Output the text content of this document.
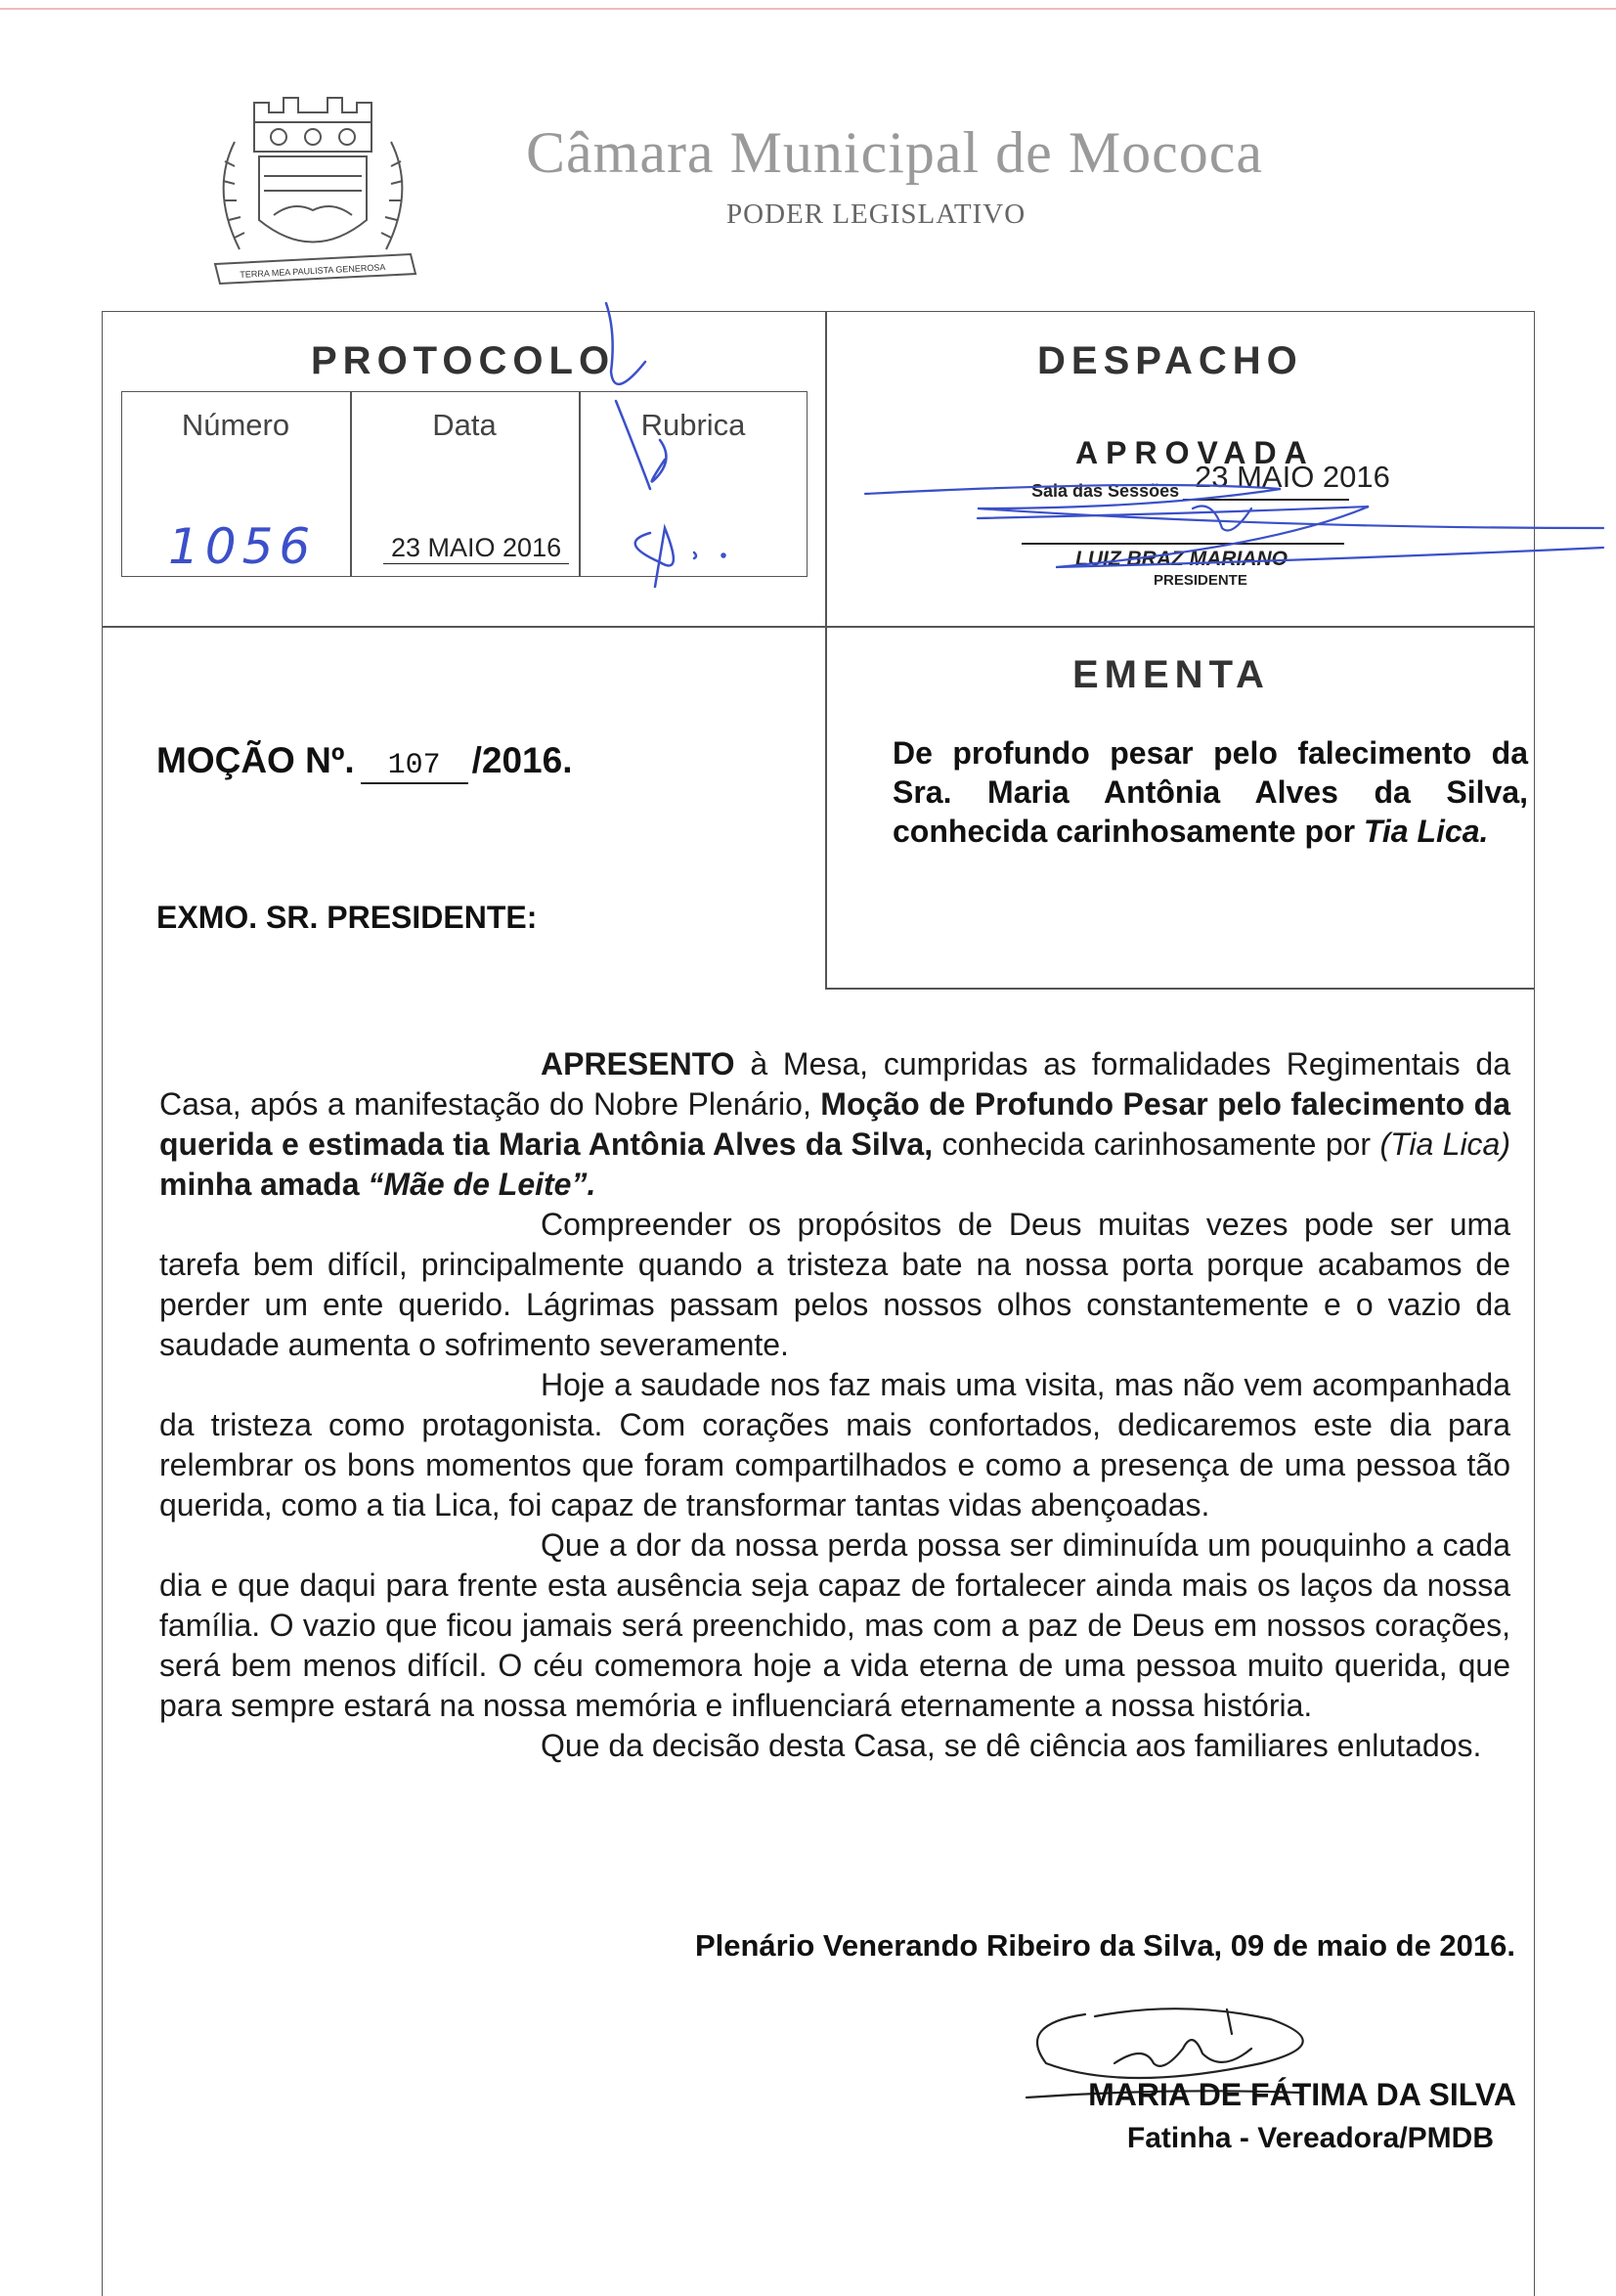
TERRA MEA PAULISTA GENEROSA
Câmara Municipal de Mococa
PODER LEGISLATIVO
PROTOCOLO
Número	Data	Rubrica
1056	23 MAIO 2016
DESPACHO
APROVADA
Sala das Sessões 23 MAIO 2016
LUIZ BRAZ MARIANO
PRESIDENTE
EMENTA
De profundo pesar pelo falecimento da Sra. Maria Antônia Alves da Silva, conhecida carinhosamente por Tia Lica.
MOÇÃO Nº. 107 /2016.
EXMO. SR. PRESIDENTE:

APRESENTO à Mesa, cumpridas as formalidades Regimentais da Casa, após a manifestação do Nobre Plenário, Moção de Profundo Pesar pelo falecimento da querida e estimada tia Maria Antônia Alves da Silva, conhecida carinhosamente por (Tia Lica) minha amada “Mãe de Leite”.

Compreender os propósitos de Deus muitas vezes pode ser uma tarefa bem difícil, principalmente quando a tristeza bate na nossa porta porque acabamos de perder um ente querido. Lágrimas passam pelos nossos olhos constantemente e o vazio da saudade aumenta o sofrimento severamente.

Hoje a saudade nos faz mais uma visita, mas não vem acompanhada da tristeza como protagonista. Com corações mais confortados, dedicaremos este dia para relembrar os bons momentos que foram compartilhados e como a presença de uma pessoa tão querida, como a tia Lica, foi capaz de transformar tantas vidas abençoadas.

Que a dor da nossa perda possa ser diminuída um pouquinho a cada dia e que daqui para frente esta ausência seja capaz de fortalecer ainda mais os laços da nossa família. O vazio que ficou jamais será preenchido, mas com a paz de Deus em nossos corações, será bem menos difícil. O céu comemora hoje a vida eterna de uma pessoa muito querida, que para sempre estará na nossa memória e influenciará eternamente a nossa história.

Que da decisão desta Casa, se dê ciência aos familiares enlutados.

Plenário Venerando Ribeiro da Silva, 09 de maio de 2016.
MARIA DE FÁTIMA DA SILVA
Fatinha - Vereadora/PMDB
